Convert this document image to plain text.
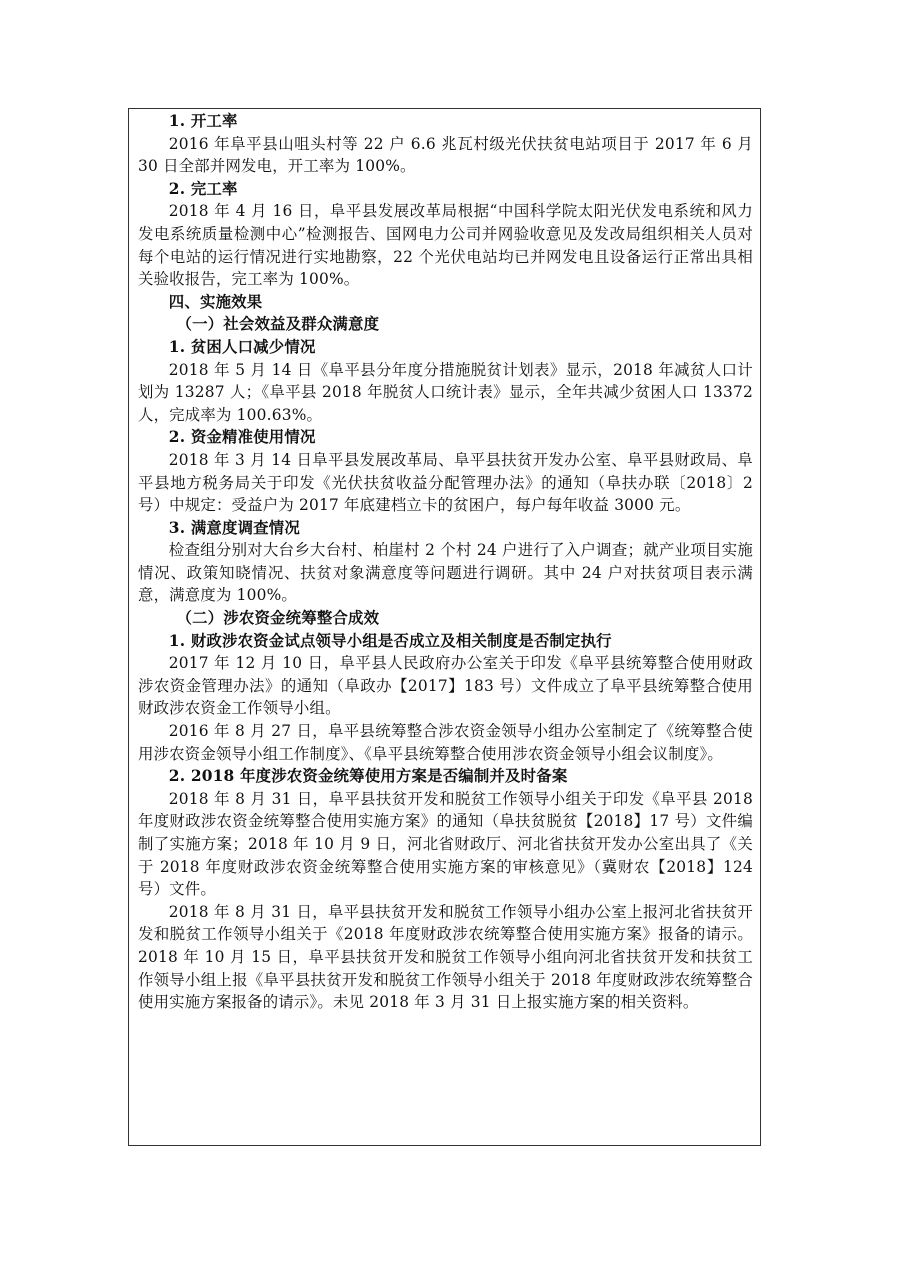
1. 开工率

2016 年阜平县山咀头村等 22 户 6.6 兆瓦村级光伏扶贫电站项目于 2017 年 6 月 30 日全部并网发电，开工率为 100%。

2. 完工率

2018 年 4 月 16 日，阜平县发展改革局根据“中国科学院太阳光伏发电系统和风力发电系统质量检测中心”检测报告、国网电力公司并网验收意见及发改局组织相关人员对每个电站的运行情况进行实地勘察，22 个光伏电站均已并网发电且设备运行正常出具相关验收报告，完工率为 100%。

四、实施效果

（一）社会效益及群众满意度

1. 贫困人口减少情况

2018 年 5 月 14 日《阜平县分年度分措施脱贫计划表》显示，2018 年减贫人口计划为 13287 人；《阜平县 2018 年脱贫人口统计表》显示，全年共减少贫困人口 13372 人，完成率为 100.63%。

2. 资金精准使用情况

2018 年 3 月 14 日阜平县发展改革局、阜平县扶贫开发办公室、阜平县财政局、阜平县地方税务局关于印发《光伏扶贫收益分配管理办法》的通知（阜扶办联〔2018〕2 号）中规定：受益户为 2017 年底建档立卡的贫困户，每户每年收益 3000 元。

3. 满意度调查情况

检查组分别对大台乡大台村、柏崖村 2 个村 24 户进行了入户调查；就产业项目实施情况、政策知晓情况、扶贫对象满意度等问题进行调研。其中 24 户对扶贫项目表示满意，满意度为 100%。

（二）涉农资金统筹整合成效

1. 财政涉农资金试点领导小组是否成立及相关制度是否制定执行

2017 年 12 月 10 日，阜平县人民政府办公室关于印发《阜平县统筹整合使用财政涉农资金管理办法》的通知（阜政办【2017】183 号）文件成立了阜平县统筹整合使用财政涉农资金工作领导小组。

2016 年 8 月 27 日，阜平县统筹整合涉农资金领导小组办公室制定了《统筹整合使用涉农资金领导小组工作制度》、《阜平县统筹整合使用涉农资金领导小组会议制度》。

2. 2018 年度涉农资金统筹使用方案是否编制并及时备案

2018 年 8 月 31 日，阜平县扶贫开发和脱贫工作领导小组关于印发《阜平县 2018 年度财政涉农资金统筹整合使用实施方案》的通知（阜扶贫脱贫【2018】17 号）文件编制了实施方案；2018 年 10 月 9 日，河北省财政厅、河北省扶贫开发办公室出具了《关于 2018 年度财政涉农资金统筹整合使用实施方案的审核意见》（冀财农【2018】124 号）文件。

2018 年 8 月 31 日，阜平县扶贫开发和脱贫工作领导小组办公室上报河北省扶贫开发和脱贫工作领导小组关于《2018 年度财政涉农统筹整合使用实施方案》报备的请示。2018 年 10 月 15 日，阜平县扶贫开发和脱贫工作领导小组向河北省扶贫开发和扶贫工作领导小组上报《阜平县扶贫开发和脱贫工作领导小组关于 2018 年度财政涉农统筹整合使用实施方案报备的请示》。未见 2018 年 3 月 31 日上报实施方案的相关资料。
